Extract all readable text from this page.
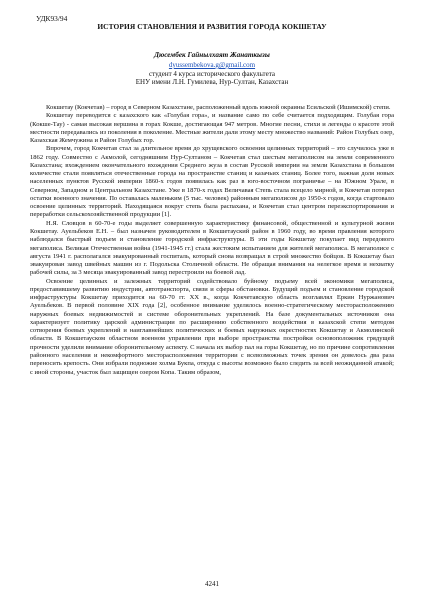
УДК93/94
ИСТОРИЯ СТАНОВЛЕНИЯ И РАЗВИТИЯ ГОРОДА КОКШЕТАУ
Дюсембек Гайнылхаят Жанаткызы
dyussembekova.g@gmail.com
студент 4 курса исторического факультета
ЕНУ имени Л.Н. Гумилева, Нур-Султан, Казахстан

Кокшетау (Кокчетав) – город в Северном Казахстане, расположенный вдоль южной окраины Есильской (Ишимской) степи.

Кокшетау переводится с казахского как «Голубая гора», и название само по себе считается подходящим. Голубая гора (Кокше-Тау) - самая высокая вершина в горах Кокше, достигающая 947 метров. Многие песни, стихи и легенды о красоте этой местности передавались из поколения в поколение. Местные жители дали этому месту множество названий: Район Голубых озер, Казахская Жемчужина и Район Голубых гор.

Впрочем, город Кокчетав стал за длительное время до хрущевского освоения целинных территорий – это случилось уже в 1862 году. Совместно с Акмолой, сегодняшним Нур-Султаном – Кокчетав стал шестым мегаполисом на земли современного Казахстана; вхождением окончательного вхождения Среднего жуза в состав Русской империи на земли Казахстана в большом количестве стали появляться отечественные города на пространстве станиц и казачьих станиц. Более того, важная доля новых населенных пунктов Русской империи 1860-х годов появилась как раз в юго-восточном пограничье – на Южном Урале, в Северном, Западном и Центральном Казахстане. Уже в 1870-х годах Величавая Степь стала всецело мирной, и Кокчетав потерял остатки военного значения. По оставалась маленьким (5 тыс. человек) районным мегаполисом до 1950-х годов, когда стартовало освоение целинных территорий. Находящаяся вокруг степь была распахана, и Кокчетав стал центром переэкспортирования и переработки сельскохозяйственной продукции [1].

Н.Я. Словцов в 60-70-е годы выделяет совершенную характеристику финансовой, общественной и культурной жизни Кокшетау. Ауельбеков Е.Н. – был назначен руководителем в Кокшетауский район в 1960 году, во время правления которого наблюдался быстрый подъем и становление городской инфраструктуры. В эти годы Кокшетау покупает вид передового мегаполиса. Великая Отечественная война (1941-1945 гг.) стала жестоким испытанием для жителей мегаполиса. В мегаполисе с августа 1941 г. располагался эвакуированный госпиталь, который снова возвращал в строй множество бойцов. В Кокшетау был эвакуирован завод швейных машин из г. Подольска Столичной области. Не обращая внимания на нелегкое время и нехватку рабочей силы, за 3 месяца эвакуированный завод перестроили на боевой лад.

Освоение целинных и залежных территорий содействовало буйному подъему всей экономики мегаполиса, предоставившему развитию индустрии, автотранспорта, связи и сферы обстановки. Будущий подъем и становление городской инфраструктуры Кокшетау приходится на 60-70 гг. ХХ в., когда Кокчетавскую область возглавлял Еркин Нуржанович Ауельбеков. В первой половине ХIХ года [2], особенное внимание уделялось военно-стратегическому месторасположению наружных боевых недвижимостей и системе оборонительных укреплений. На базе документальных источников она характеризует политику царской администрации по расширению собственного воздействия в казахской степи методом сотворения боевых укреплений и наиглавнейших политических и боевых наружных окрестностях Кокшетау и Акмолинской области. В Кокшетауском областном военном управлении при выборе пространства постройки основоположник грядущей прочности уделили внимание оборонительному аспекту. С начала их выбор пал на горы Кокшетау, но по причине сопротивления районного населения и некомфортного месторасположения территории с всевозможных точек зрения он довелось два раза переносить крепость. Они избрали подножие холма Букпа, откуда с высоты возможно было следить за всей неожиданной атакой; с иной стороны, участок был защищен озером Копа. Таким образом,

4241
